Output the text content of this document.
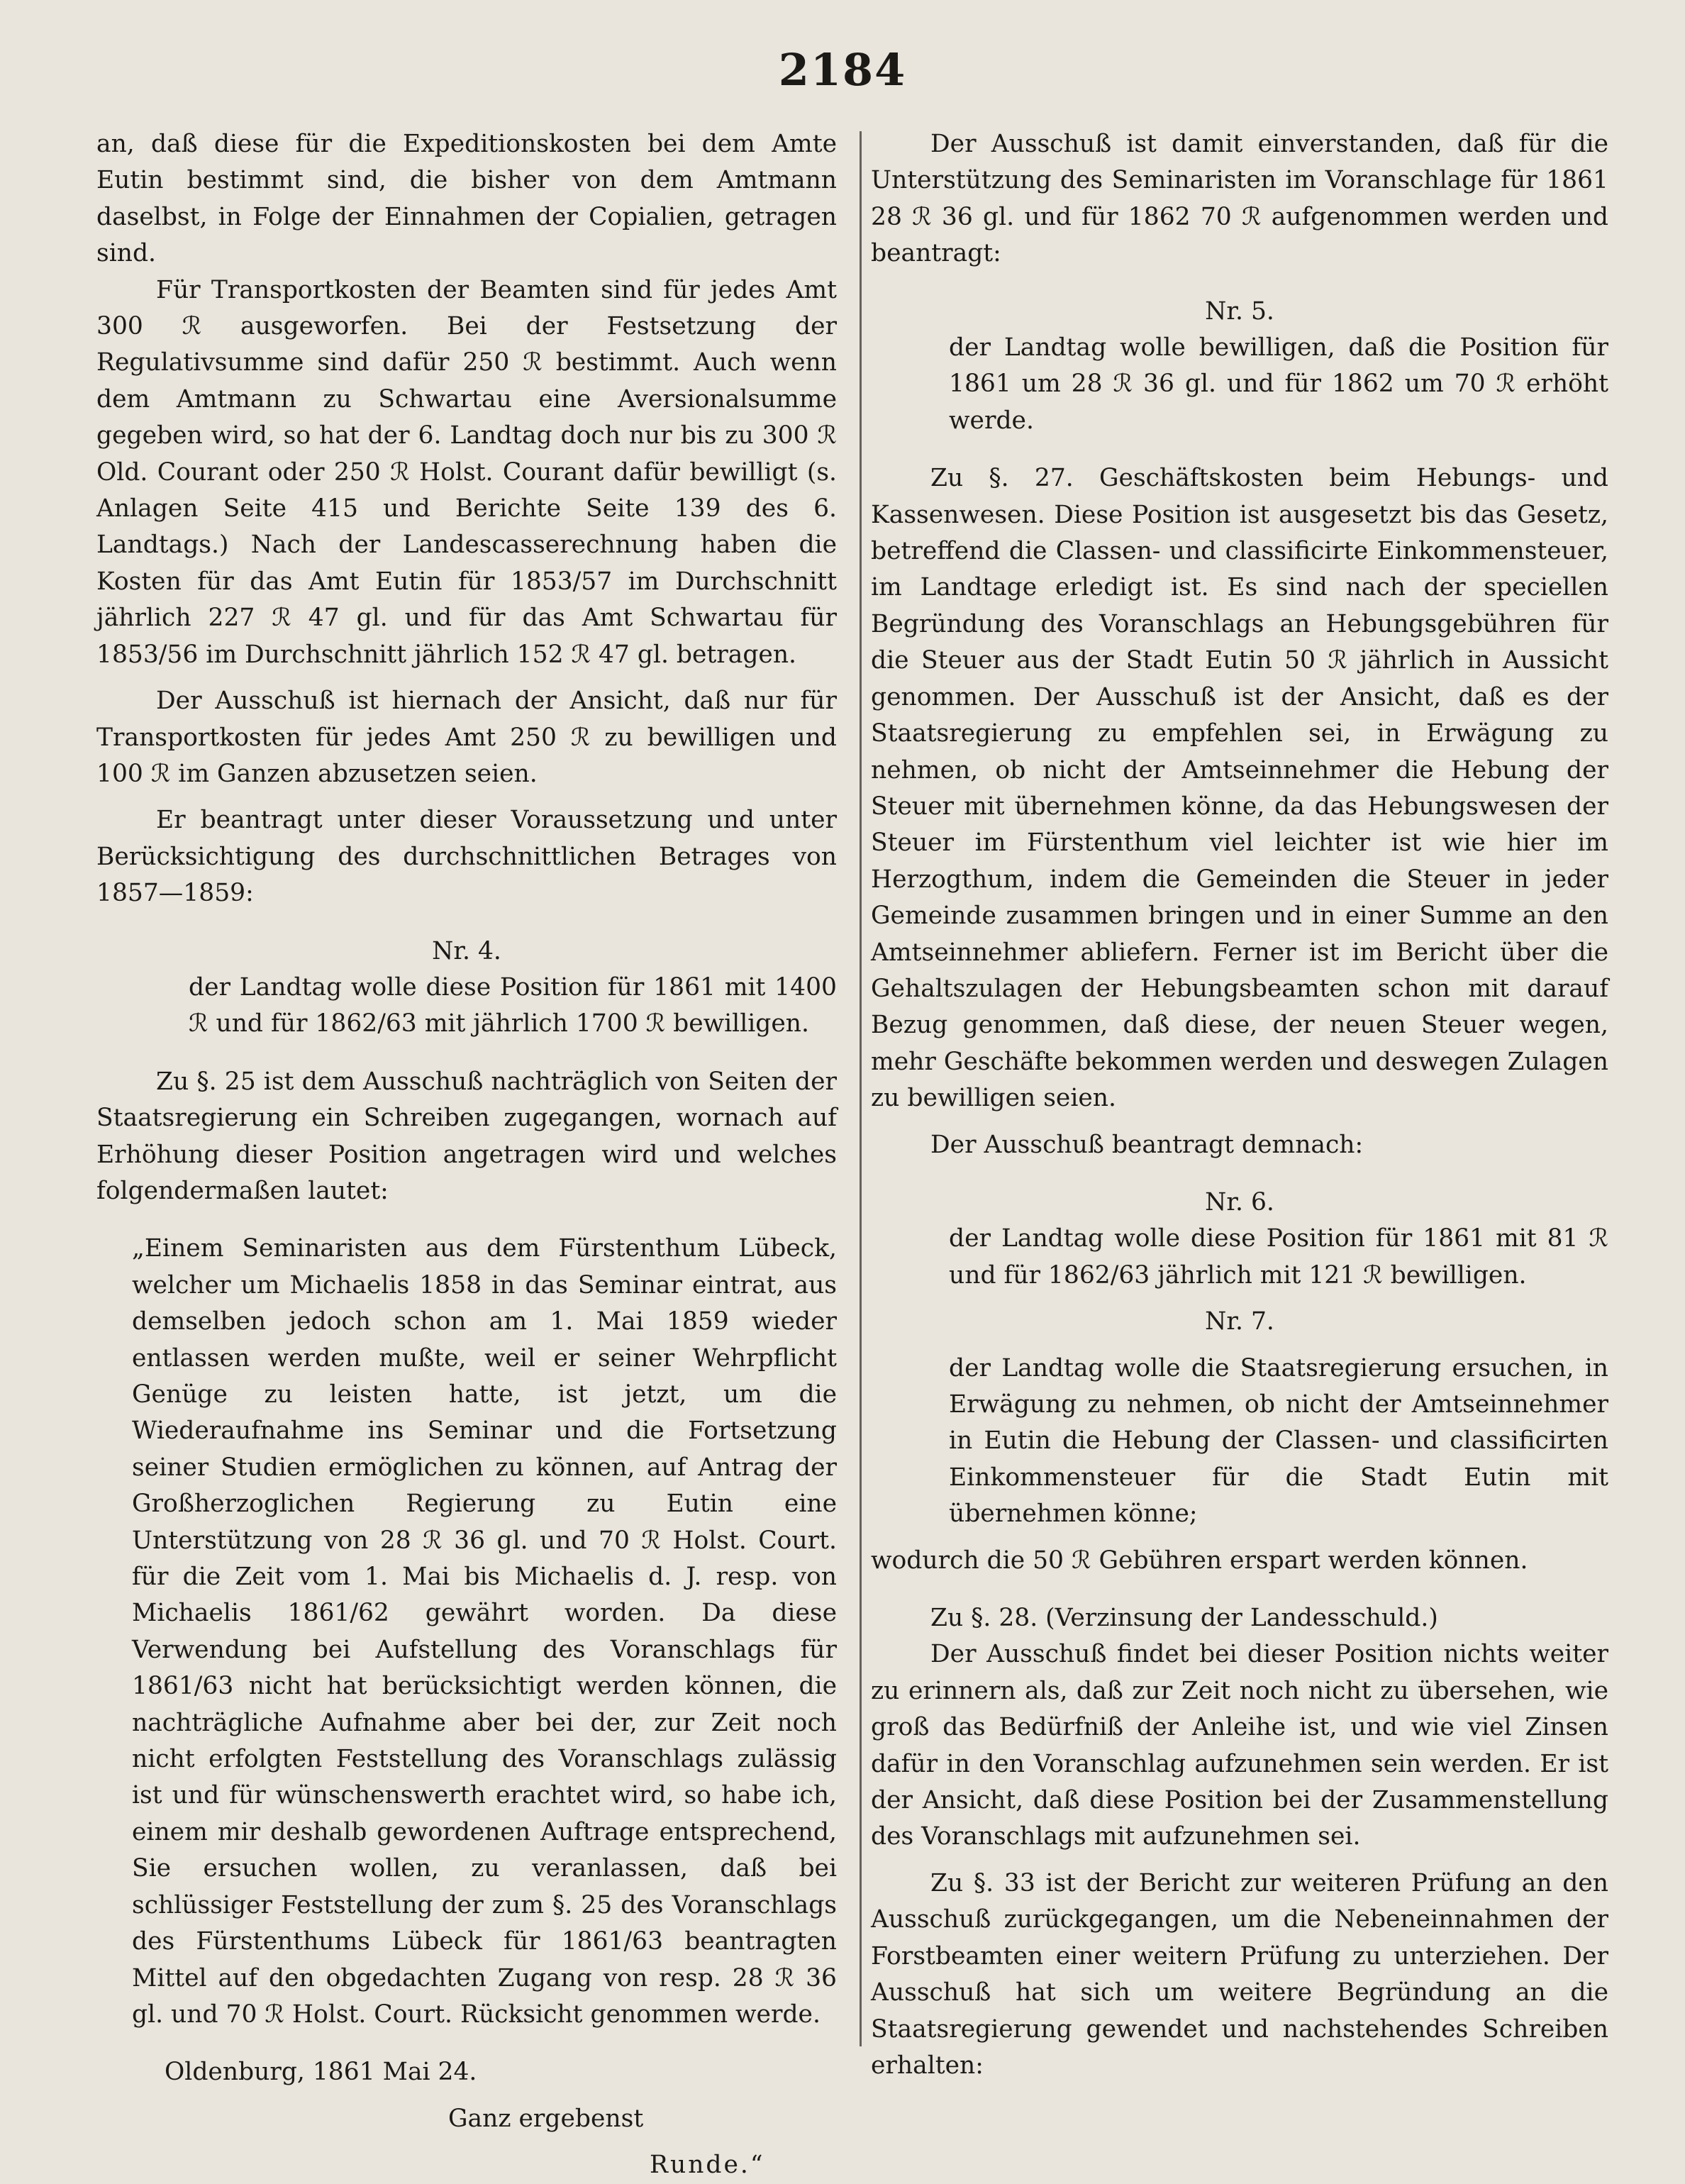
2184

an, daß diese für die Expeditionskosten bei dem Amte Eutin bestimmt sind, die bisher von dem Amtmann daselbst, in Folge der Einnahmen der Copialien, getragen sind.

Für Transportkosten der Beamten sind für jedes Amt 300 ℛ ausgeworfen. Bei der Festsetzung der Regulativsumme sind dafür 250 ℛ bestimmt. Auch wenn dem Amtmann zu Schwartau eine Aversionalsumme gegeben wird, so hat der 6. Landtag doch nur bis zu 300 ℛ Old. Courant oder 250 ℛ Holst. Courant dafür bewilligt (s. Anlagen Seite 415 und Berichte Seite 139 des 6. Landtags.) Nach der Landescasserechnung haben die Kosten für das Amt Eutin für 1853/57 im Durchschnitt jährlich 227 ℛ 47 gl. und für das Amt Schwartau für 1853/56 im Durchschnitt jährlich 152 ℛ 47 gl. betragen.

Der Ausschuß ist hiernach der Ansicht, daß nur für Transportkosten für jedes Amt 250 ℛ zu bewilligen und 100 ℛ im Ganzen abzusetzen seien.

Er beantragt unter dieser Voraussetzung und unter Berücksichtigung des durchschnittlichen Betrages von 1857—1859:

Nr. 4.

der Landtag wolle diese Position für 1861 mit 1400 ℛ und für 1862/63 mit jährlich 1700 ℛ bewilligen.

Zu §. 25 ist dem Ausschuß nachträglich von Seiten der Staatsregierung ein Schreiben zugegangen, wornach auf Erhöhung dieser Position angetragen wird und welches folgendermaßen lautet:

„Einem Seminaristen aus dem Fürstenthum Lübeck, welcher um Michaelis 1858 in das Seminar eintrat, aus demselben jedoch schon am 1. Mai 1859 wieder entlassen werden mußte, weil er seiner Wehrpflicht Genüge zu leisten hatte, ist jetzt, um die Wiederaufnahme ins Seminar und die Fortsetzung seiner Studien ermöglichen zu können, auf Antrag der Großherzoglichen Regierung zu Eutin eine Unterstützung von 28 ℛ 36 gl. und 70 ℛ Holst. Court. für die Zeit vom 1. Mai bis Michaelis d. J. resp. von Michaelis 1861/62 gewährt worden. Da diese Verwendung bei Aufstellung des Voranschlags für 1861/63 nicht hat berücksichtigt werden können, die nachträgliche Aufnahme aber bei der, zur Zeit noch nicht erfolgten Feststellung des Voranschlags zulässig ist und für wünschenswerth erachtet wird, so habe ich, einem mir deshalb gewordenen Auftrage entsprechend, Sie ersuchen wollen, zu veranlassen, daß bei schlüssiger Feststellung der zum §. 25 des Voranschlags des Fürstenthums Lübeck für 1861/63 beantragten Mittel auf den obgedachten Zugang von resp. 28 ℛ 36 gl. und 70 ℛ Holst. Court. Rücksicht genommen werde.

Oldenburg, 1861 Mai 24.

Ganz ergebenst

Runde.“

Der Ausschuß ist damit einverstanden, daß für die Unterstützung des Seminaristen im Voranschlage für 1861 28 ℛ 36 gl. und für 1862 70 ℛ aufgenommen werden und beantragt:

Nr. 5.

der Landtag wolle bewilligen, daß die Position für 1861 um 28 ℛ 36 gl. und für 1862 um 70 ℛ erhöht werde.

Zu §. 27. Geschäftskosten beim Hebungs- und Kassenwesen. Diese Position ist ausgesetzt bis das Gesetz, betreffend die Classen- und classificirte Einkommensteuer, im Landtage erledigt ist. Es sind nach der speciellen Begründung des Voranschlags an Hebungsgebühren für die Steuer aus der Stadt Eutin 50 ℛ jährlich in Aussicht genommen. Der Ausschuß ist der Ansicht, daß es der Staatsregierung zu empfehlen sei, in Erwägung zu nehmen, ob nicht der Amtseinnehmer die Hebung der Steuer mit übernehmen könne, da das Hebungswesen der Steuer im Fürstenthum viel leichter ist wie hier im Herzogthum, indem die Gemeinden die Steuer in jeder Gemeinde zusammen bringen und in einer Summe an den Amtseinnehmer abliefern. Ferner ist im Bericht über die Gehaltszulagen der Hebungsbeamten schon mit darauf Bezug genommen, daß diese, der neuen Steuer wegen, mehr Geschäfte bekommen werden und deswegen Zulagen zu bewilligen seien.

Der Ausschuß beantragt demnach:

Nr. 6.

der Landtag wolle diese Position für 1861 mit 81 ℛ und für 1862/63 jährlich mit 121 ℛ bewilligen.

Nr. 7.

der Landtag wolle die Staatsregierung ersuchen, in Erwägung zu nehmen, ob nicht der Amtseinnehmer in Eutin die Hebung der Classen- und classificirten Einkommensteuer für die Stadt Eutin mit übernehmen könne;

wodurch die 50 ℛ Gebühren erspart werden können.

Zu §. 28. (Verzinsung der Landesschuld.)

Der Ausschuß findet bei dieser Position nichts weiter zu erinnern als, daß zur Zeit noch nicht zu übersehen, wie groß das Bedürfniß der Anleihe ist, und wie viel Zinsen dafür in den Voranschlag aufzunehmen sein werden. Er ist der Ansicht, daß diese Position bei der Zusammenstellung des Voranschlags mit aufzunehmen sei.

Zu §. 33 ist der Bericht zur weiteren Prüfung an den Ausschuß zurückgegangen, um die Nebeneinnahmen der Forstbeamten einer weitern Prüfung zu unterziehen. Der Ausschuß hat sich um weitere Begründung an die Staatsregierung gewendet und nachstehendes Schreiben erhalten:
